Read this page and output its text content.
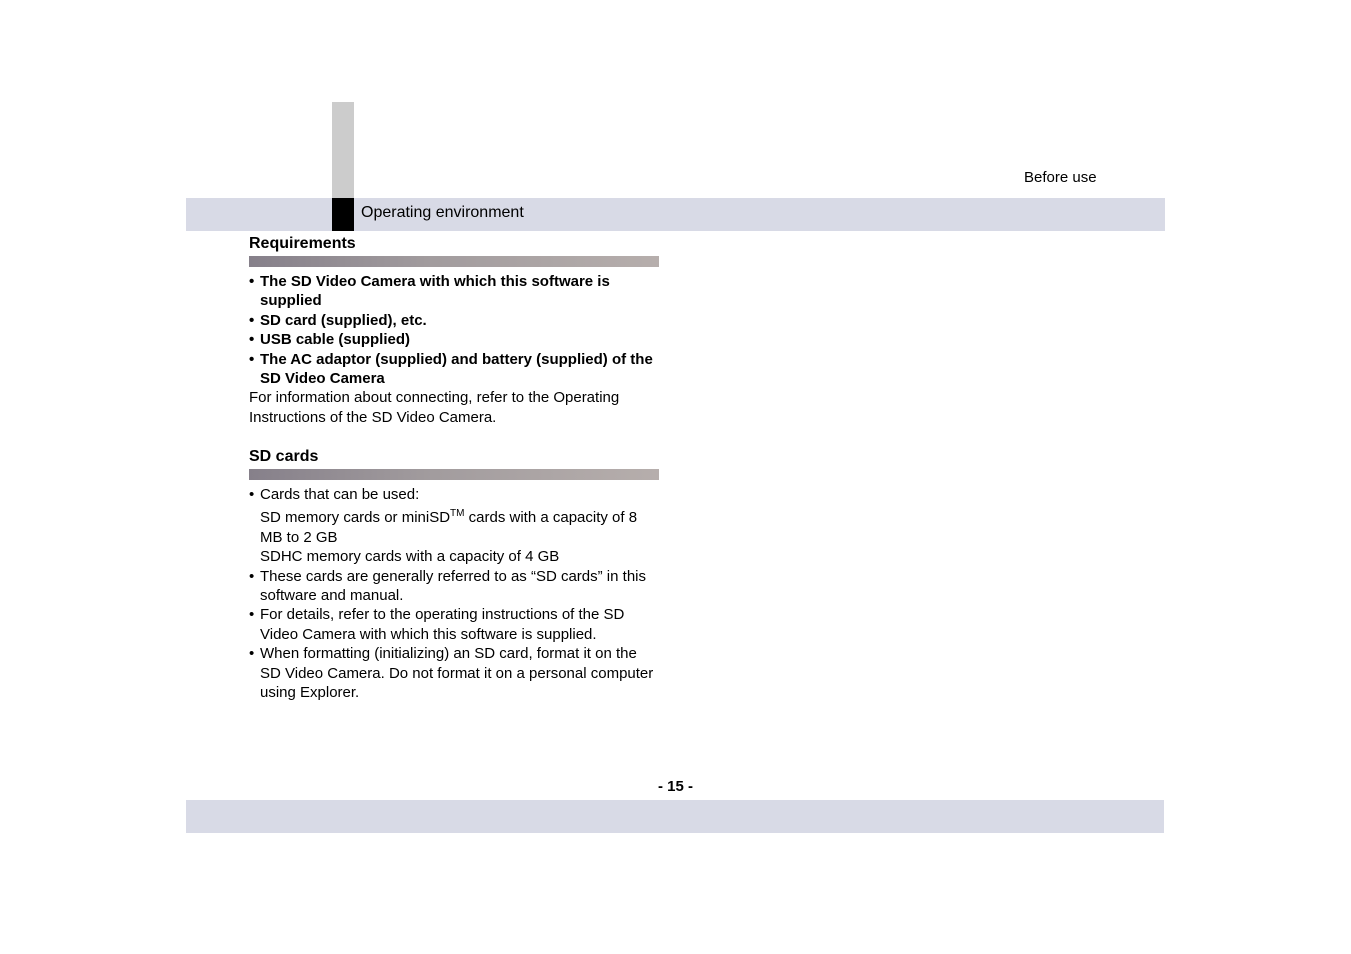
Before use
Operating environment
Requirements
• The SD Video Camera with which this software is supplied
• SD card (supplied), etc.
• USB cable (supplied)
• The AC adaptor (supplied) and battery (supplied) of the SD Video Camera

For information about connecting, refer to the Operating Instructions of the SD Video Camera.

SD cards
• Cards that can be used:
SD memory cards or miniSD™ cards with a capacity of 8 MB to 2 GB
SDHC memory cards with a capacity of 4 GB
• These cards are generally referred to as “SD cards” in this software and manual.
• For details, refer to the operating instructions of the SD Video Camera with which this software is supplied.
• When formatting (initializing) an SD card, format it on the SD Video Camera. Do not format it on a personal computer using Explorer.
- 15 -
